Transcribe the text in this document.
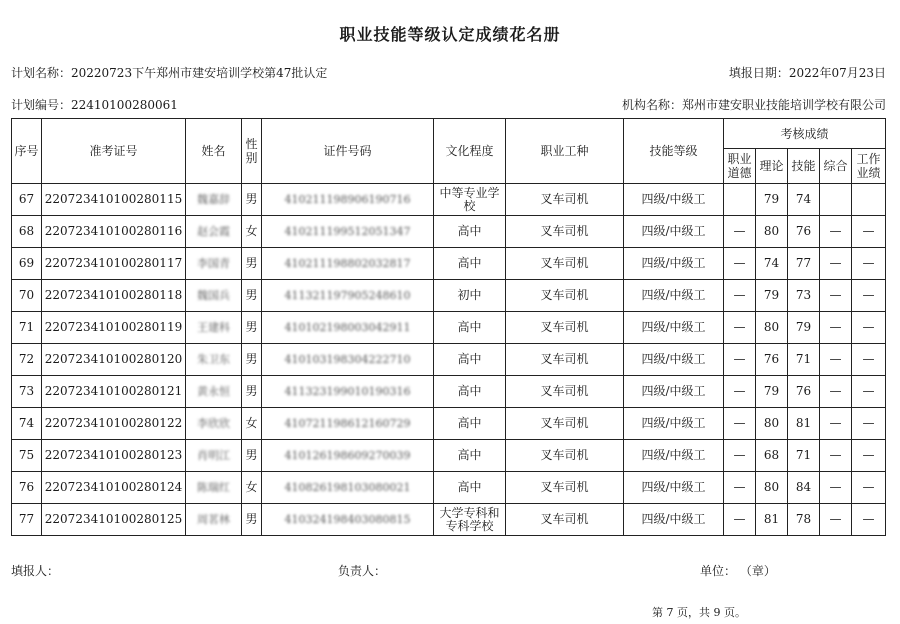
职业技能等级认定成绩花名册
计划名称：20220723下午郑州市建安培训学校第47批认定	填报日期：2022年07月23日
计划编号：22410100280061	机构名称：郑州市建安职业技能培训学校有限公司
序号	准考证号	姓名	性别	证件号码	文化程度	职业工种	技能等级	考核成绩				
								职业道德	理论	技能	综合	工作业绩
67	220723410100280115	魏嘉辞	男	410211198906190716	中等专业学校	叉车司机	四级/中级工		79	74		
68	220723410100280116	赵会霞	女	410211199512051347	高中	叉车司机	四级/中级工	—	80	76	—	—
69	220723410100280117	李国青	男	410211198802032817	高中	叉车司机	四级/中级工	—	74	77	—	—
70	220723410100280118	魏国兵	男	411321197905248610	初中	叉车司机	四级/中级工	—	79	73	—	—
71	220723410100280119	王建科	男	410102198003042911	高中	叉车司机	四级/中级工	—	80	79	—	—
72	220723410100280120	朱卫东	男	410103198304222710	高中	叉车司机	四级/中级工	—	76	71	—	—
73	220723410100280121	黄永恒	男	411323199010190316	高中	叉车司机	四级/中级工	—	79	76	—	—
74	220723410100280122	李欣欣	女	410721198612160729	高中	叉车司机	四级/中级工	—	80	81	—	—
75	220723410100280123	肖明江	男	410126198609270039	高中	叉车司机	四级/中级工	—	68	71	—	—
76	220723410100280124	陈瑞红	女	410826198103080021	高中	叉车司机	四级/中级工	—	80	84	—	—
77	220723410100280125	周茗林	男	410324198403080815	大学专科和专科学校	叉车司机	四级/中级工	—	81	78	—	—
填报人：	负责人：	单位： （章）
第 7 页，共 9 页。
